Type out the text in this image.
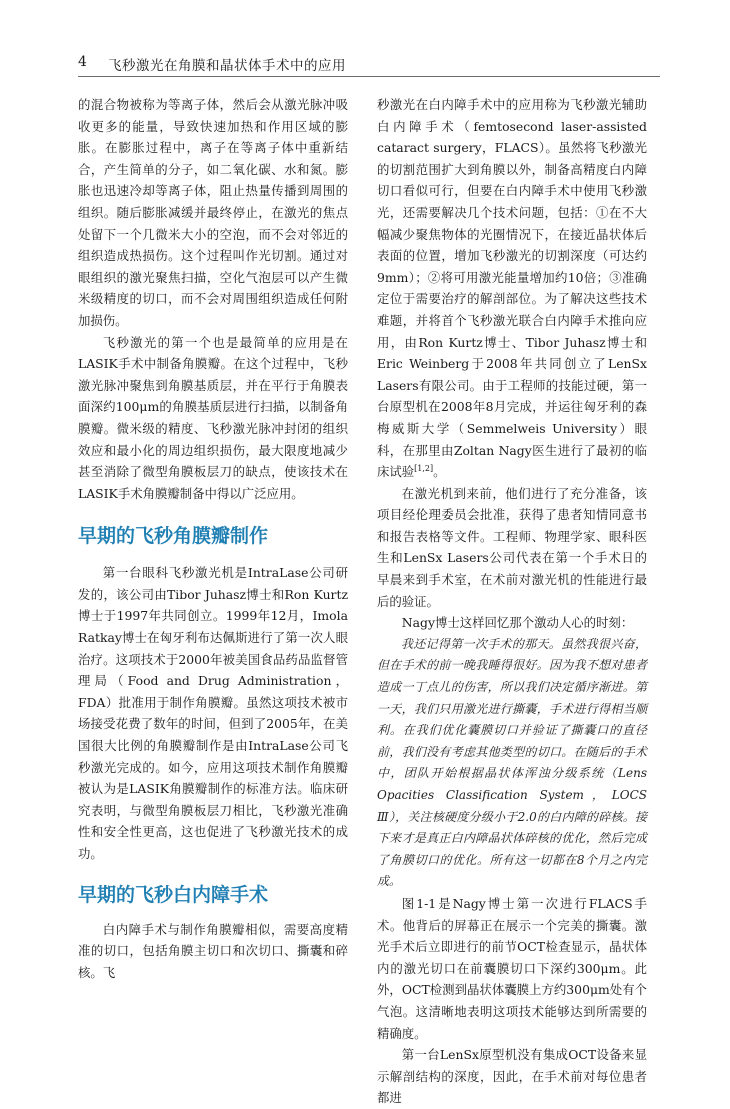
4 飞秒激光在角膜和晶状体手术中的应用

的混合物被称为等离子体，然后会从激光脉冲吸收更多的能量，导致快速加热和作用区域的膨胀。在膨胀过程中，离子在等离子体中重新结合，产生简单的分子，如二氧化碳、水和氮。膨胀也迅速冷却等离子体，阻止热量传播到周围的组织。随后膨胀减缓并最终停止，在激光的焦点处留下一个几微米大小的空泡，而不会对邻近的组织造成热损伤。这个过程叫作光切割。通过对眼组织的激光聚焦扫描，空化气泡层可以产生微米级精度的切口，而不会对周围组织造成任何附加损伤。

飞秒激光的第一个也是最简单的应用是在LASIK手术中制备角膜瓣。在这个过程中，飞秒激光脉冲聚焦到角膜基质层，并在平行于角膜表面深约100μm的角膜基质层进行扫描，以制备角膜瓣。微米级的精度、飞秒激光脉冲封闭的组织效应和最小化的周边组织损伤，最大限度地减少甚至消除了微型角膜板层刀的缺点，使该技术在LASIK手术角膜瓣制备中得以广泛应用。

早期的飞秒角膜瓣制作

第一台眼科飞秒激光机是IntraLase公司研发的，该公司由Tibor Juhasz博士和Ron Kurtz博士于1997年共同创立。1999年12月，Imola Ratkay博士在匈牙利布达佩斯进行了第一次人眼治疗。这项技术于2000年被美国食品药品监督管理局（Food and Drug Administration，FDA）批准用于制作角膜瓣。虽然这项技术被市场接受花费了数年的时间，但到了2005年，在美国很大比例的角膜瓣制作是由IntraLase公司飞秒激光完成的。如今，应用这项技术制作角膜瓣被认为是LASIK角膜瓣制作的标准方法。临床研究表明，与微型角膜板层刀相比，飞秒激光准确性和安全性更高，这也促进了飞秒激光技术的成功。

早期的飞秒白内障手术

白内障手术与制作角膜瓣相似，需要高度精准的切口，包括角膜主切口和次切口、撕囊和碎核。飞

秒激光在白内障手术中的应用称为飞秒激光辅助白内障手术（femtosecond laser-assisted cataract surgery，FLACS）。虽然将飞秒激光的切割范围扩大到角膜以外，制备高精度白内障切口看似可行，但要在白内障手术中使用飞秒激光，还需要解决几个技术问题，包括：①在不大幅减少聚焦物体的光圈情况下，在接近晶状体后表面的位置，增加飞秒激光的切割深度（可达约9mm）；②将可用激光能量增加约10倍；③准确定位于需要治疗的解剖部位。为了解决这些技术难题，并将首个飞秒激光联合白内障手术推向应用，由Ron Kurtz博士、Tibor Juhasz博士和Eric Weinberg于2008年共同创立了LenSx Lasers有限公司。由于工程师的技能过硬，第一台原型机在2008年8月完成，并运往匈牙利的森梅威斯大学（Semmelweis University）眼科，在那里由Zoltan Nagy医生进行了最初的临床试验[1,2]。

在激光机到来前，他们进行了充分准备，该项目经伦理委员会批准，获得了患者知情同意书和报告表格等文件。工程师、物理学家、眼科医生和LenSx Lasers公司代表在第一个手术日的早晨来到手术室，在术前对激光机的性能进行最后的验证。

Nagy博士这样回忆那个激动人心的时刻：

我还记得第一次手术的那天。虽然我很兴奋，但在手术的前一晚我睡得很好。因为我不想对患者造成一丁点儿的伤害，所以我们决定循序渐进。第一天，我们只用激光进行撕囊，手术进行得相当顺利。在我们优化囊膜切口并验证了撕囊口的直径前，我们没有考虑其他类型的切口。在随后的手术中，团队开始根据晶状体浑浊分级系统（Lens Opacities Classification System，LOCS Ⅲ），关注核硬度分级小于2.0的白内障的碎核。接下来才是真正白内障晶状体碎核的优化，然后完成了角膜切口的优化。所有这一切都在8个月之内完成。

图1-1是Nagy博士第一次进行FLACS手术。他背后的屏幕正在展示一个完美的撕囊。激光手术后立即进行的前节OCT检查显示，晶状体内的激光切口在前囊膜切口下深约300μm。此外，OCT检测到晶状体囊膜上方约300μm处有个气泡。这清晰地表明这项技术能够达到所需要的精确度。

第一台LenSx原型机没有集成OCT设备来显示解剖结构的深度，因此，在手术前对每位患者都进
